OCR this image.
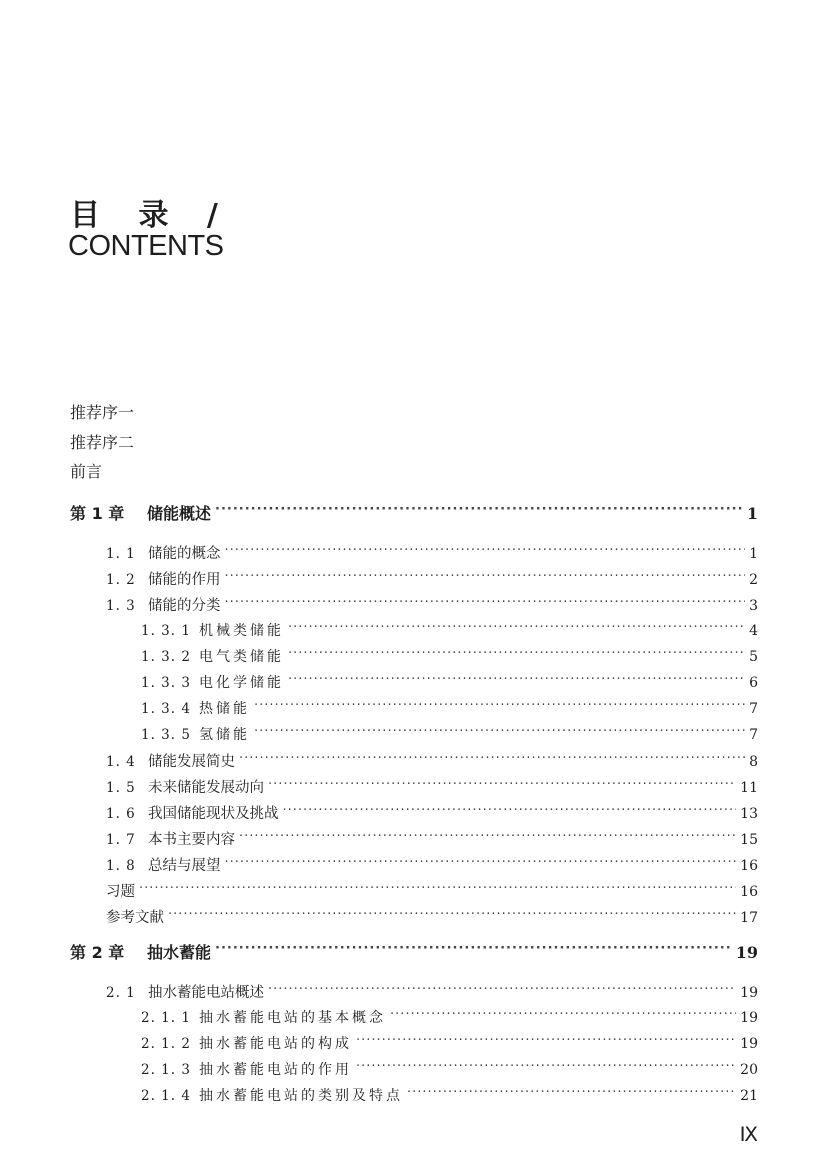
目 录 /
CONTENTS
推荐序一
推荐序二
前言
第 1 章	储能概述 ·····	1
1. 1 储能的概念 ·····	1
1. 2 储能的作用 ·····	2
1. 3 储能的分类 ·····	3
1. 3. 1 机械类储能 ·····	4
1. 3. 2 电气类储能 ·····	5
1. 3. 3 电化学储能 ·····	6
1. 3. 4 热储能 ·····	7
1. 3. 5 氢储能 ·····	7
1. 4 储能发展简史 ·····	8
1. 5 未来储能发展动向 ·····	11
1. 6 我国储能现状及挑战 ·····	13
1. 7 本书主要内容 ·····	15
1. 8 总结与展望 ·····	16
习题 ·····	16
参考文献 ·····	17
第 2 章	抽水蓄能 ·····	19
2. 1 抽水蓄能电站概述 ·····	19
2. 1. 1 抽水蓄能电站的基本概念 ·····	19
2. 1. 2 抽水蓄能电站的构成 ·····	19
2. 1. 3 抽水蓄能电站的作用 ·····	20
2. 1. 4 抽水蓄能电站的类别及特点 ·····	21
Ⅸ
